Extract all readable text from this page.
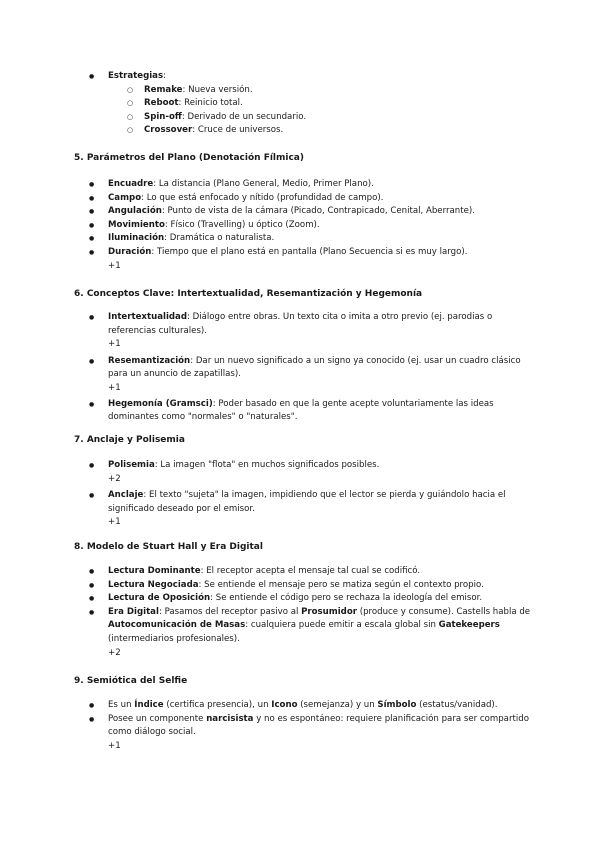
● Estrategias:
○ Remake: Nueva versión.
○ Reboot: Reinicio total.
○ Spin-off: Derivado de un secundario.
○ Crossover: Cruce de universos.
5. Parámetros del Plano (Denotación Fílmica)
● Encuadre: La distancia (Plano General, Medio, Primer Plano).
● Campo: Lo que está enfocado y nítido (profundidad de campo).
● Angulación: Punto de vista de la cámara (Picado, Contrapicado, Cenital, Aberrante).
● Movimiento: Físico (Travelling) u óptico (Zoom).
● Iluminación: Dramática o naturalista.
● Duración: Tiempo que el plano está en pantalla (Plano Secuencia si es muy largo).
+1
6. Conceptos Clave: Intertextualidad, Resemantización y Hegemonía
● Intertextualidad: Diálogo entre obras. Un texto cita o imita a otro previo (ej. parodias o referencias culturales).
+1
● Resemantización: Dar un nuevo significado a un signo ya conocido (ej. usar un cuadro clásico para un anuncio de zapatillas).
+1
● Hegemonía (Gramsci): Poder basado en que la gente acepte voluntariamente las ideas dominantes como "normales" o "naturales".
7. Anclaje y Polisemia
● Polisemia: La imagen "flota" en muchos significados posibles.
+2
● Anclaje: El texto "sujeta" la imagen, impidiendo que el lector se pierda y guiándolo hacia el significado deseado por el emisor.
+1
8. Modelo de Stuart Hall y Era Digital
● Lectura Dominante: El receptor acepta el mensaje tal cual se codificó.
● Lectura Negociada: Se entiende el mensaje pero se matiza según el contexto propio.
● Lectura de Oposición: Se entiende el código pero se rechaza la ideología del emisor.
● Era Digital: Pasamos del receptor pasivo al Prosumidor (produce y consume). Castells habla de Autocomunicación de Masas: cualquiera puede emitir a escala global sin Gatekeepers (intermediarios profesionales).
+2
9. Semiótica del Selfie
● Es un Índice (certifica presencia), un Icono (semejanza) y un Símbolo (estatus/vanidad).
● Posee un componente narcisista y no es espontáneo: requiere planificación para ser compartido como diálogo social.
+1
